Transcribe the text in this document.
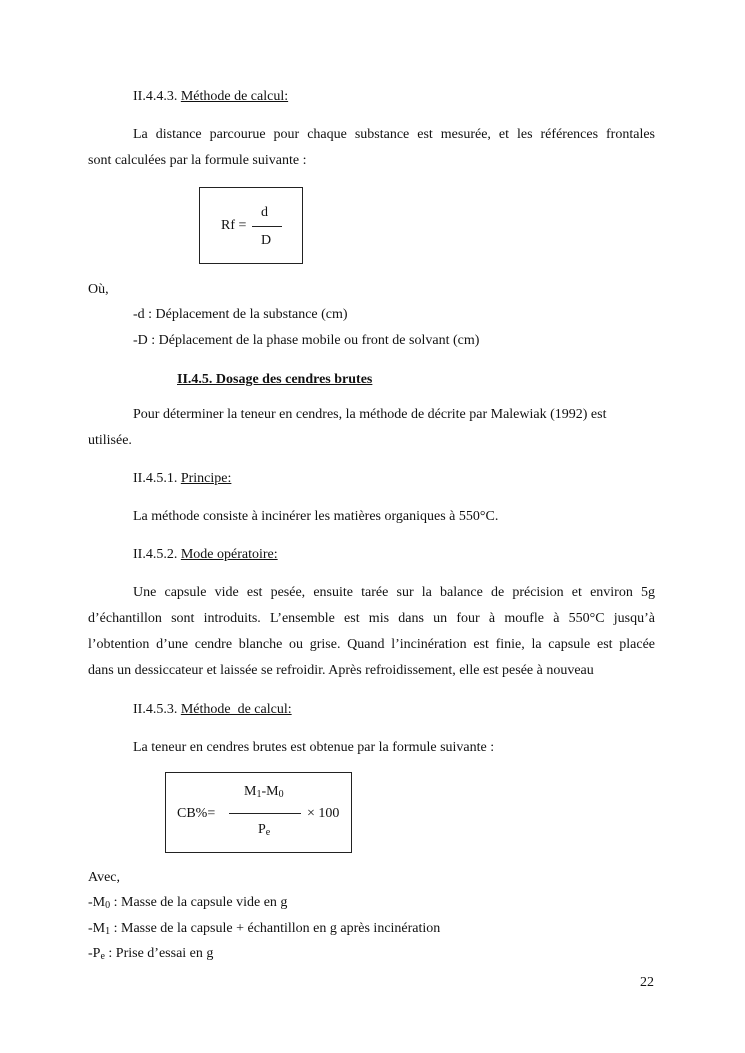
II.4.4.3. Méthode de calcul:
La distance parcourue pour chaque substance est mesurée, et les références frontales
sont calculées par la formule suivante :
Rf =
d
D
Où,
-d : Déplacement de la substance (cm)
-D : Déplacement de la phase mobile ou front de solvant (cm)
II.4.5. Dosage des cendres brutes
Pour déterminer la teneur en cendres, la méthode de décrite par Malewiak (1992) est
utilisée.
II.4.5.1. Principe:
La méthode consiste à incinérer les matières organiques à 550°C.
II.4.5.2. Mode opératoire:
Une capsule vide est pesée, ensuite tarée sur la balance de précision et environ 5g
d’échantillon sont introduits. L’ensemble est mis dans un four à moufle à 550°C jusqu’à
l’obtention d’une cendre blanche ou grise. Quand l’incinération est finie, la capsule est placée
dans un dessiccateur et laissée se refroidir. Après refroidissement, elle est pesée à nouveau
II.4.5.3. Méthode  de calcul:
La teneur en cendres brutes est obtenue par la formule suivante :
CB%=
$M_1-M_0$
× 100
$P_e$
Avec,
$-M_0$ : Masse de la capsule vide en g
$-M_1$ : Masse de la capsule + échantillon en g après incinération
$-P_e$ : Prise d’essai en g
22
